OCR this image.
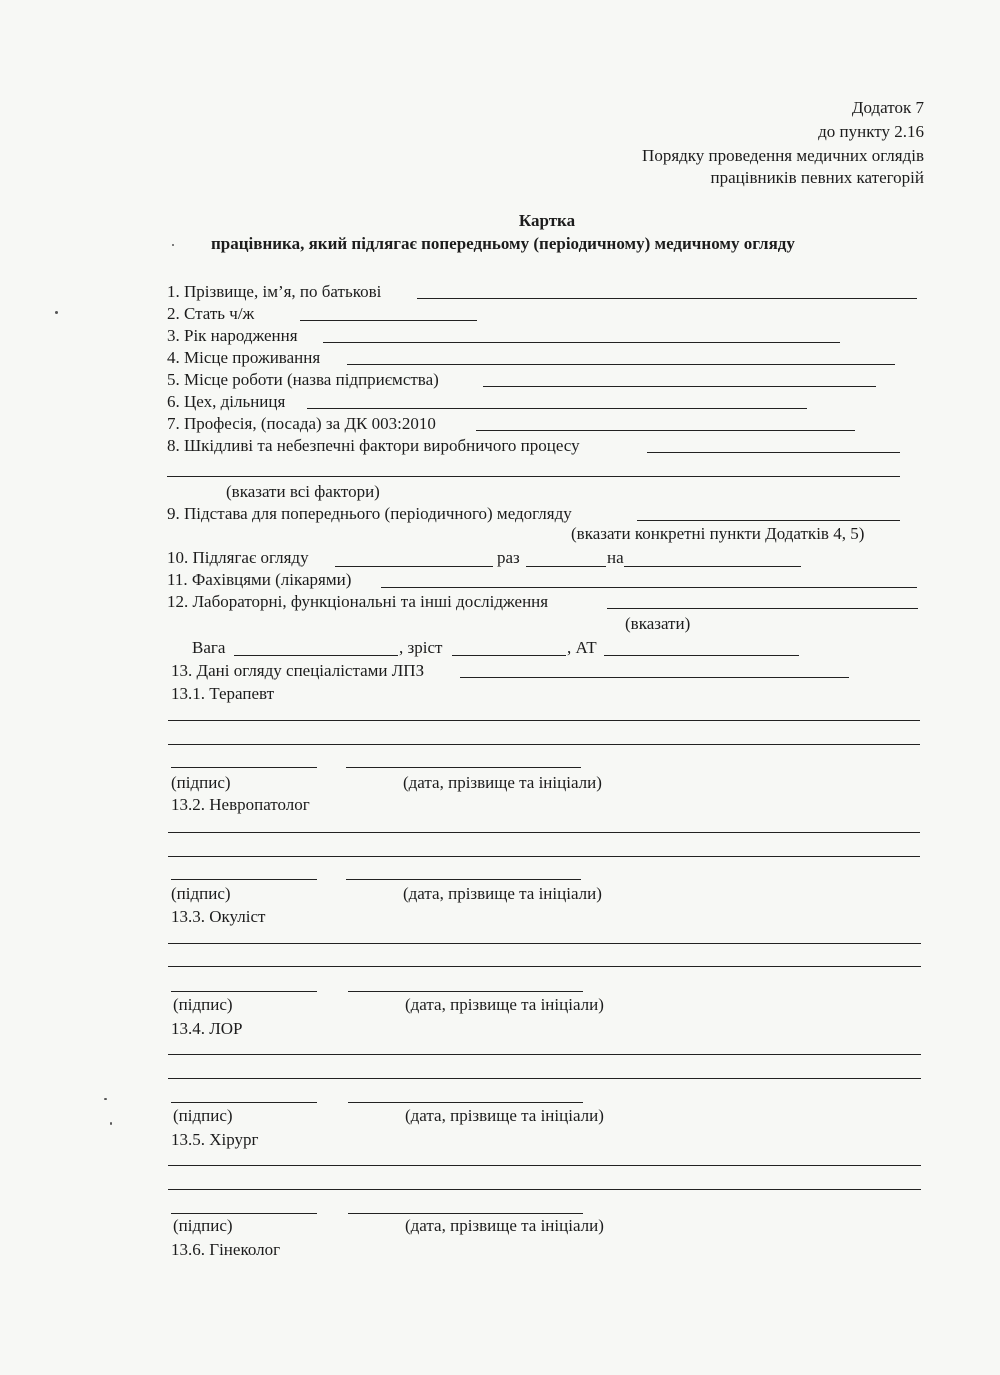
Додаток 7
до пункту 2.16
Порядку проведення медичних оглядів
працівників певних категорій
Картка
працівника, який підлягає попередньому (періодичному) медичному огляду
1. Прізвище, ім’я, по батькові
2. Стать ч/ж
3. Рік народження
4. Місце проживання
5. Місце роботи (назва підприємства)
6. Цех, дільниця
7. Професія, (посада) за ДК 003:2010
8. Шкідливі та небезпечні фактори виробничого процесу
(вказати всі фактори)
9. Підстава для попереднього (періодичного) медогляду
(вказати конкретні пункти Додатків 4, 5)
10. Підлягає огляду	раз	на
11. Фахівцями (лікарями)
12. Лабораторні, функціональні та інші дослідження
(вказати)
Вага	, зріст	, АТ
13. Дані огляду спеціалістами ЛПЗ
13.1. Терапевт
(підпис)	(дата, прізвище та ініціали)
13.2. Невропатолог
(підпис)	(дата, прізвище та ініціали)
13.3. Окуліст
(підпис)	(дата, прізвище та ініціали)
13.4. ЛОР
(підпис)	(дата, прізвище та ініціали)
13.5. Хірург
(підпис)	(дата, прізвище та ініціали)
13.6. Гінеколог
